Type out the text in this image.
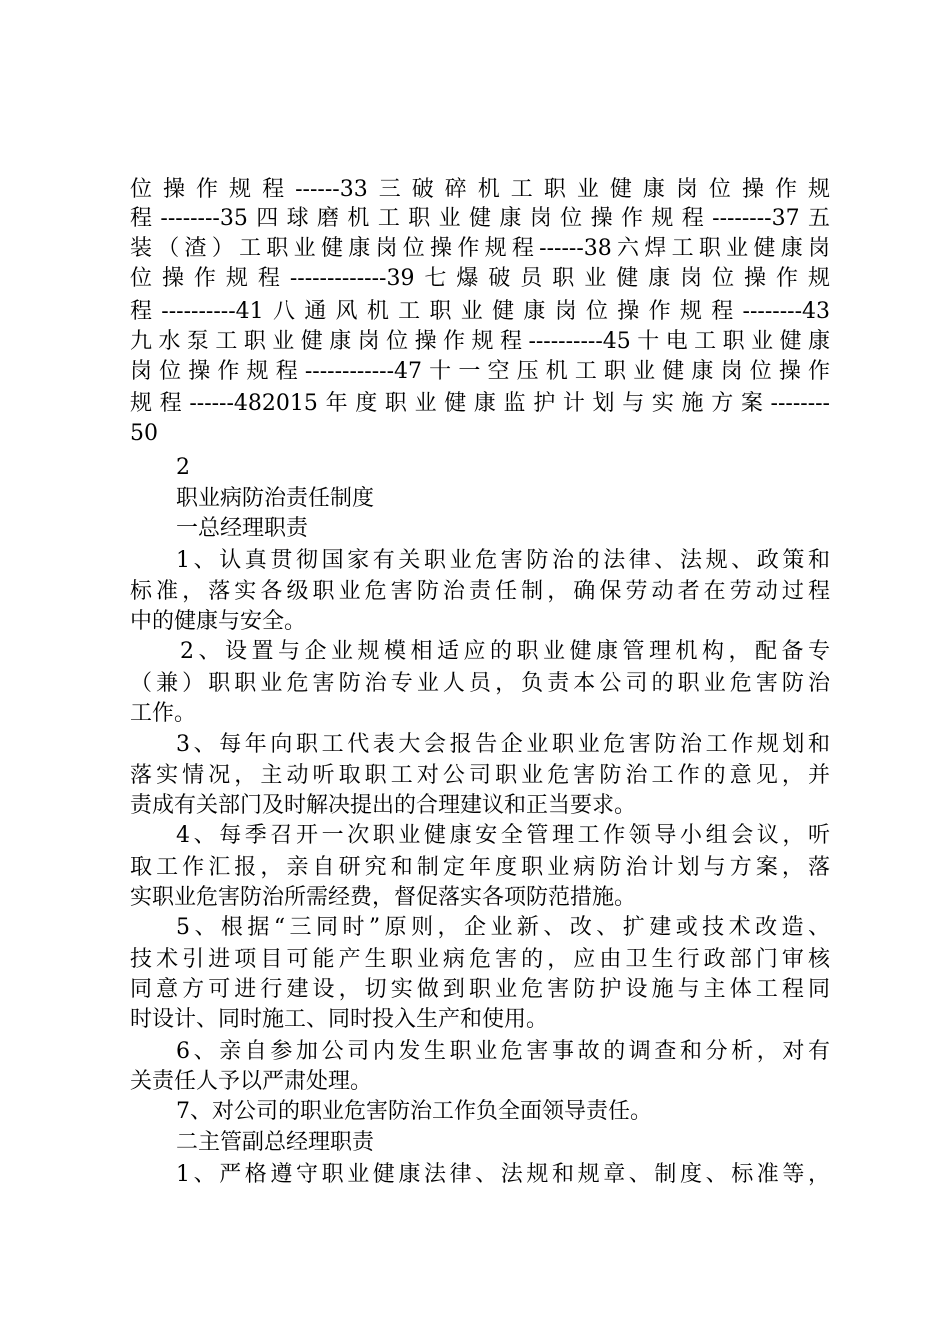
位操作规程------33三破碎机工职业健康岗位操作规
程--------35四球磨机工职业健康岗位操作规程--------37五
装（渣）工职业健康岗位操作规程------38六焊工职业健康岗
位操作规程-------------39七爆破员职业健康岗位操作规
程----------41八通风机工职业健康岗位操作规程--------43
九水泵工职业健康岗位操作规程----------45十电工职业健康
岗位操作规程------------47十一空压机工职业健康岗位操作
规程------482015年度职业健康监护计划与实施方案--------
50
2
职业病防治责任制度
一总经理职责
1、认真贯彻国家有关职业危害防治的法律、法规、政策和
标准，落实各级职业危害防治责任制，确保劳动者在劳动过程
中的健康与安全。
2、设置与企业规模相适应的职业健康管理机构，配备专
（兼）职职业危害防治专业人员，负责本公司的职业危害防治
工作。
3、每年向职工代表大会报告企业职业危害防治工作规划和
落实情况，主动听取职工对公司职业危害防治工作的意见，并
责成有关部门及时解决提出的合理建议和正当要求。
4、每季召开一次职业健康安全管理工作领导小组会议，听
取工作汇报，亲自研究和制定年度职业病防治计划与方案，落
实职业危害防治所需经费，督促落实各项防范措施。
5、根据“三同时”原则，企业新、改、扩建或技术改造、
技术引进项目可能产生职业病危害的，应由卫生行政部门审核
同意方可进行建设，切实做到职业危害防护设施与主体工程同
时设计、同时施工、同时投入生产和使用。
6、亲自参加公司内发生职业危害事故的调查和分析，对有
关责任人予以严肃处理。
7、对公司的职业危害防治工作负全面领导责任。
二主管副总经理职责
1、严格遵守职业健康法律、法规和规章、制度、标准等，
